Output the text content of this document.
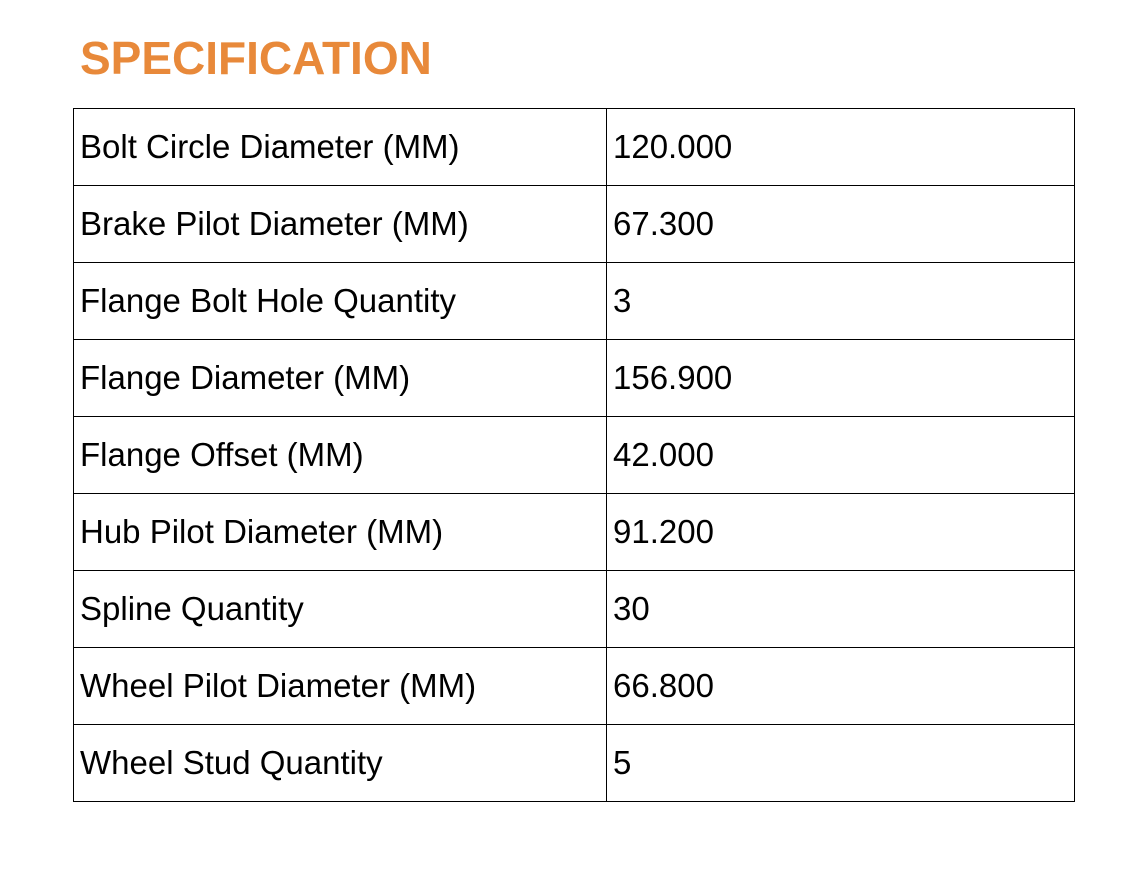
SPECIFICATION
Bolt Circle Diameter (MM)	120.000
Brake Pilot Diameter (MM)	67.300
Flange Bolt Hole Quantity	3
Flange Diameter (MM)	156.900
Flange Offset (MM)	42.000
Hub Pilot Diameter (MM)	91.200
Spline Quantity	30
Wheel Pilot Diameter (MM)	66.800
Wheel Stud Quantity	5
